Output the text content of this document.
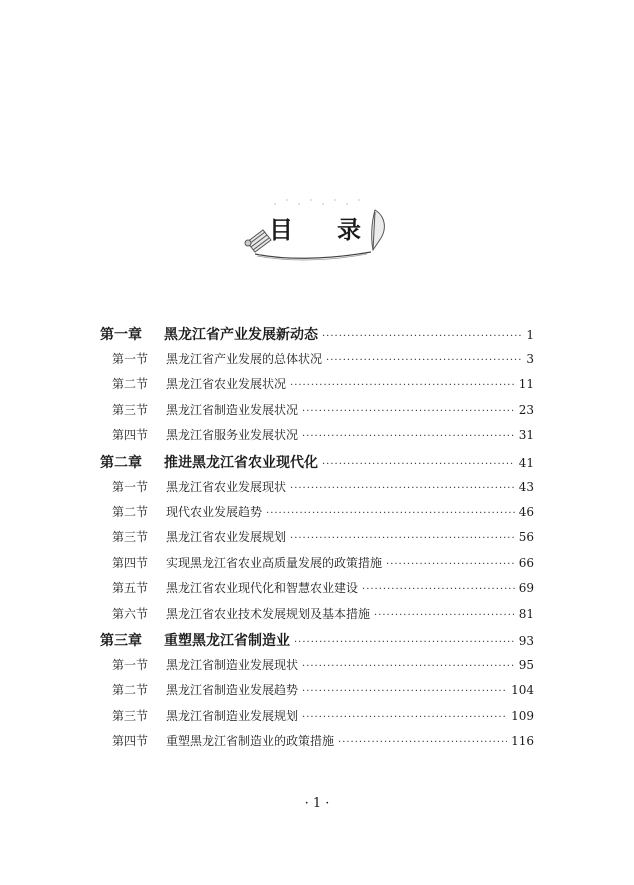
目 录
第一章	黑龙江省产业发展新动态 ·····	1
第一节	黑龙江省产业发展的总体状况 ·····	3
第二节	黑龙江省农业发展状况 ·····	11
第三节	黑龙江省制造业发展状况 ·····	23
第四节	黑龙江省服务业发展状况 ·····	31
第二章	推进黑龙江省农业现代化 ·····	41
第一节	黑龙江省农业发展现状 ·····	43
第二节	现代农业发展趋势 ·····	46
第三节	黑龙江省农业发展规划 ·····	56
第四节	实现黑龙江省农业高质量发展的政策措施 ·····	66
第五节	黑龙江省农业现代化和智慧农业建设 ·····	69
第六节	黑龙江省农业技术发展规划及基本措施 ·····	81
第三章	重塑黑龙江省制造业 ·····	93
第一节	黑龙江省制造业发展现状 ·····	95
第二节	黑龙江省制造业发展趋势 ·····	104
第三节	黑龙江省制造业发展规划 ·····	109
第四节	重塑黑龙江省制造业的政策措施 ·····	116
· 1 ·
